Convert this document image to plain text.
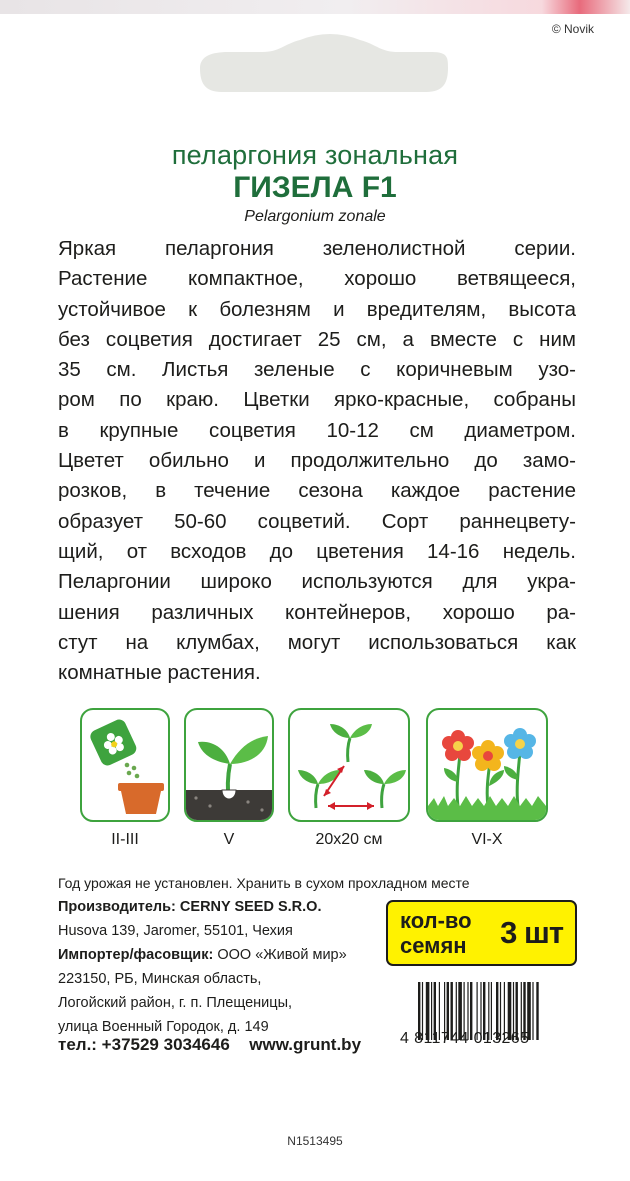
© Novik
пеларгония зональная
ГИЗЕЛА F1
Pelargonium zonale
Яркая пеларгония зеленолистной серии.
Растение компактное, хорошо ветвящееся,
устойчивое к болезням и вредителям, высота
без соцветия достигает 25 см, а вместе с ним
35 см. Листья зеленые с коричневым узо-
ром по краю. Цветки ярко-красные, собраны
в крупные соцветия 10-12 см диаметром.
Цветет обильно и продолжительно до замо-
розков, в течение сезона каждое растение
образует 50-60 соцветий. Сорт раннецвету-
щий, от всходов до цветения 14-16 недель.
Пеларгонии широко используются для укра-
шения различных контейнеров, хорошо ра-
стут на клумбах, могут использоваться как
комнатные растения.
II-III	V	20x20 см	VI-X
Год урожая не установлен. Хранить в сухом прохладном месте
Производитель: CERNY SEED S.R.O.
Husova 139, Jaromer, 55101, Чехия
Импортер/фасовщик: ООО «Живой мир»
223150, РБ, Минская область,
Логойский район, г. п. Плещеницы,
улица Военный Городок, д. 149
тел.: +37529 3034646 www.grunt.by
кол-во
семян 3 шт
4 811744 013265
N1513495
